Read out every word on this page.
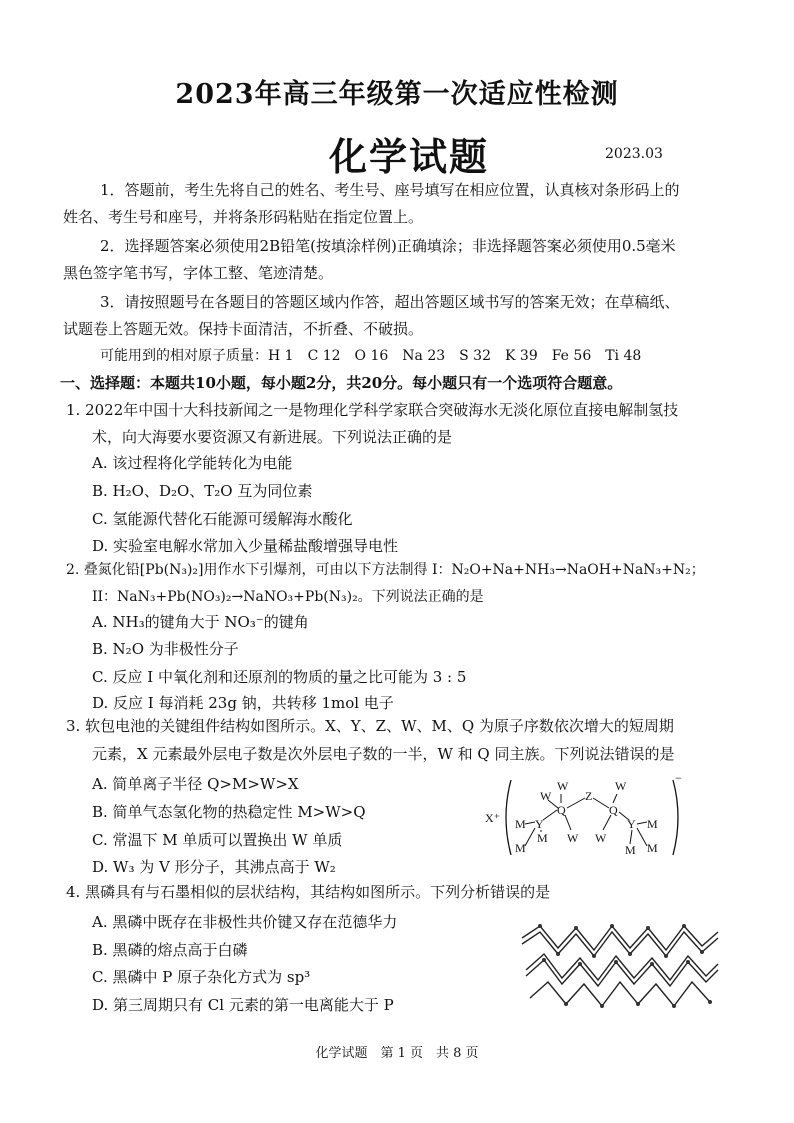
2023年高三年级第一次适应性检测
化学试题	2023.03
1．答题前，考生先将自己的姓名、考生号、座号填写在相应位置，认真核对条形码上的
姓名、考生号和座号，并将条形码粘贴在指定位置上。
2．选择题答案必须使用2B铅笔(按填涂样例)正确填涂；非选择题答案必须使用0.5毫米
黑色签字笔书写，字体工整、笔迹清楚。
3．请按照题号在各题目的答题区域内作答，超出答题区域书写的答案无效；在草稿纸、
试题卷上答题无效。保持卡面清洁，不折叠、不破损。
可能用到的相对原子质量：H 1　C 12　O 16　Na 23　S 32　K 39　Fe 56　Ti 48
一、选择题：本题共10小题，每小题2分，共20分。每小题只有一个选项符合题意。
1. 2022年中国十大科技新闻之一是物理化学科学家联合突破海水无淡化原位直接电解制氢技
术，向大海要水要资源又有新进展。下列说法正确的是
A. 该过程将化学能转化为电能
B. H₂O、D₂O、T₂O 互为同位素
C. 氢能源代替化石能源可缓解海水酸化
D. 实验室电解水常加入少量稀盐酸增强导电性
2. 叠氮化铅[Pb(N₃)₂]用作水下引爆剂，可由以下方法制得 I：N₂O+Na+NH₃→NaOH+NaN₃+N₂；
II：NaN₃+Pb(NO₃)₂→NaNO₃+Pb(N₃)₂。下列说法正确的是
A. NH₃的键角大于 NO₃⁻的键角
B. N₂O 为非极性分子
C. 反应 I 中氧化剂和还原剂的物质的量之比可能为 3 : 5
D. 反应 I 每消耗 23g 钠，共转移 1mol 电子
3. 软包电池的关键组件结构如图所示。X、Y、Z、W、M、Q 为原子序数依次增大的短周期
元素，X 元素最外层电子数是次外层电子数的一半，W 和 Q 同主族。下列说法错误的是
A. 简单离子半径 Q>M>W>X
B. 简单气态氢化物的热稳定性 M>W>Q
C. 常温下 M 单质可以置换出 W 单质
D. W₃ 为 V 形分子，其沸点高于 W₂
X⁺
−
M
M
M
Y
Q
W
W
W
Z
Q
W
W
Y M
M
M
4. 黑磷具有与石墨相似的层状结构，其结构如图所示。下列分析错误的是
A. 黑磷中既存在非极性共价键又存在范德华力
B. 黑磷的熔点高于白磷
C. 黑磷中 P 原子杂化方式为 sp³
D. 第三周期只有 Cl 元素的第一电离能大于 P
化学试题　第 1 页　共 8 页
